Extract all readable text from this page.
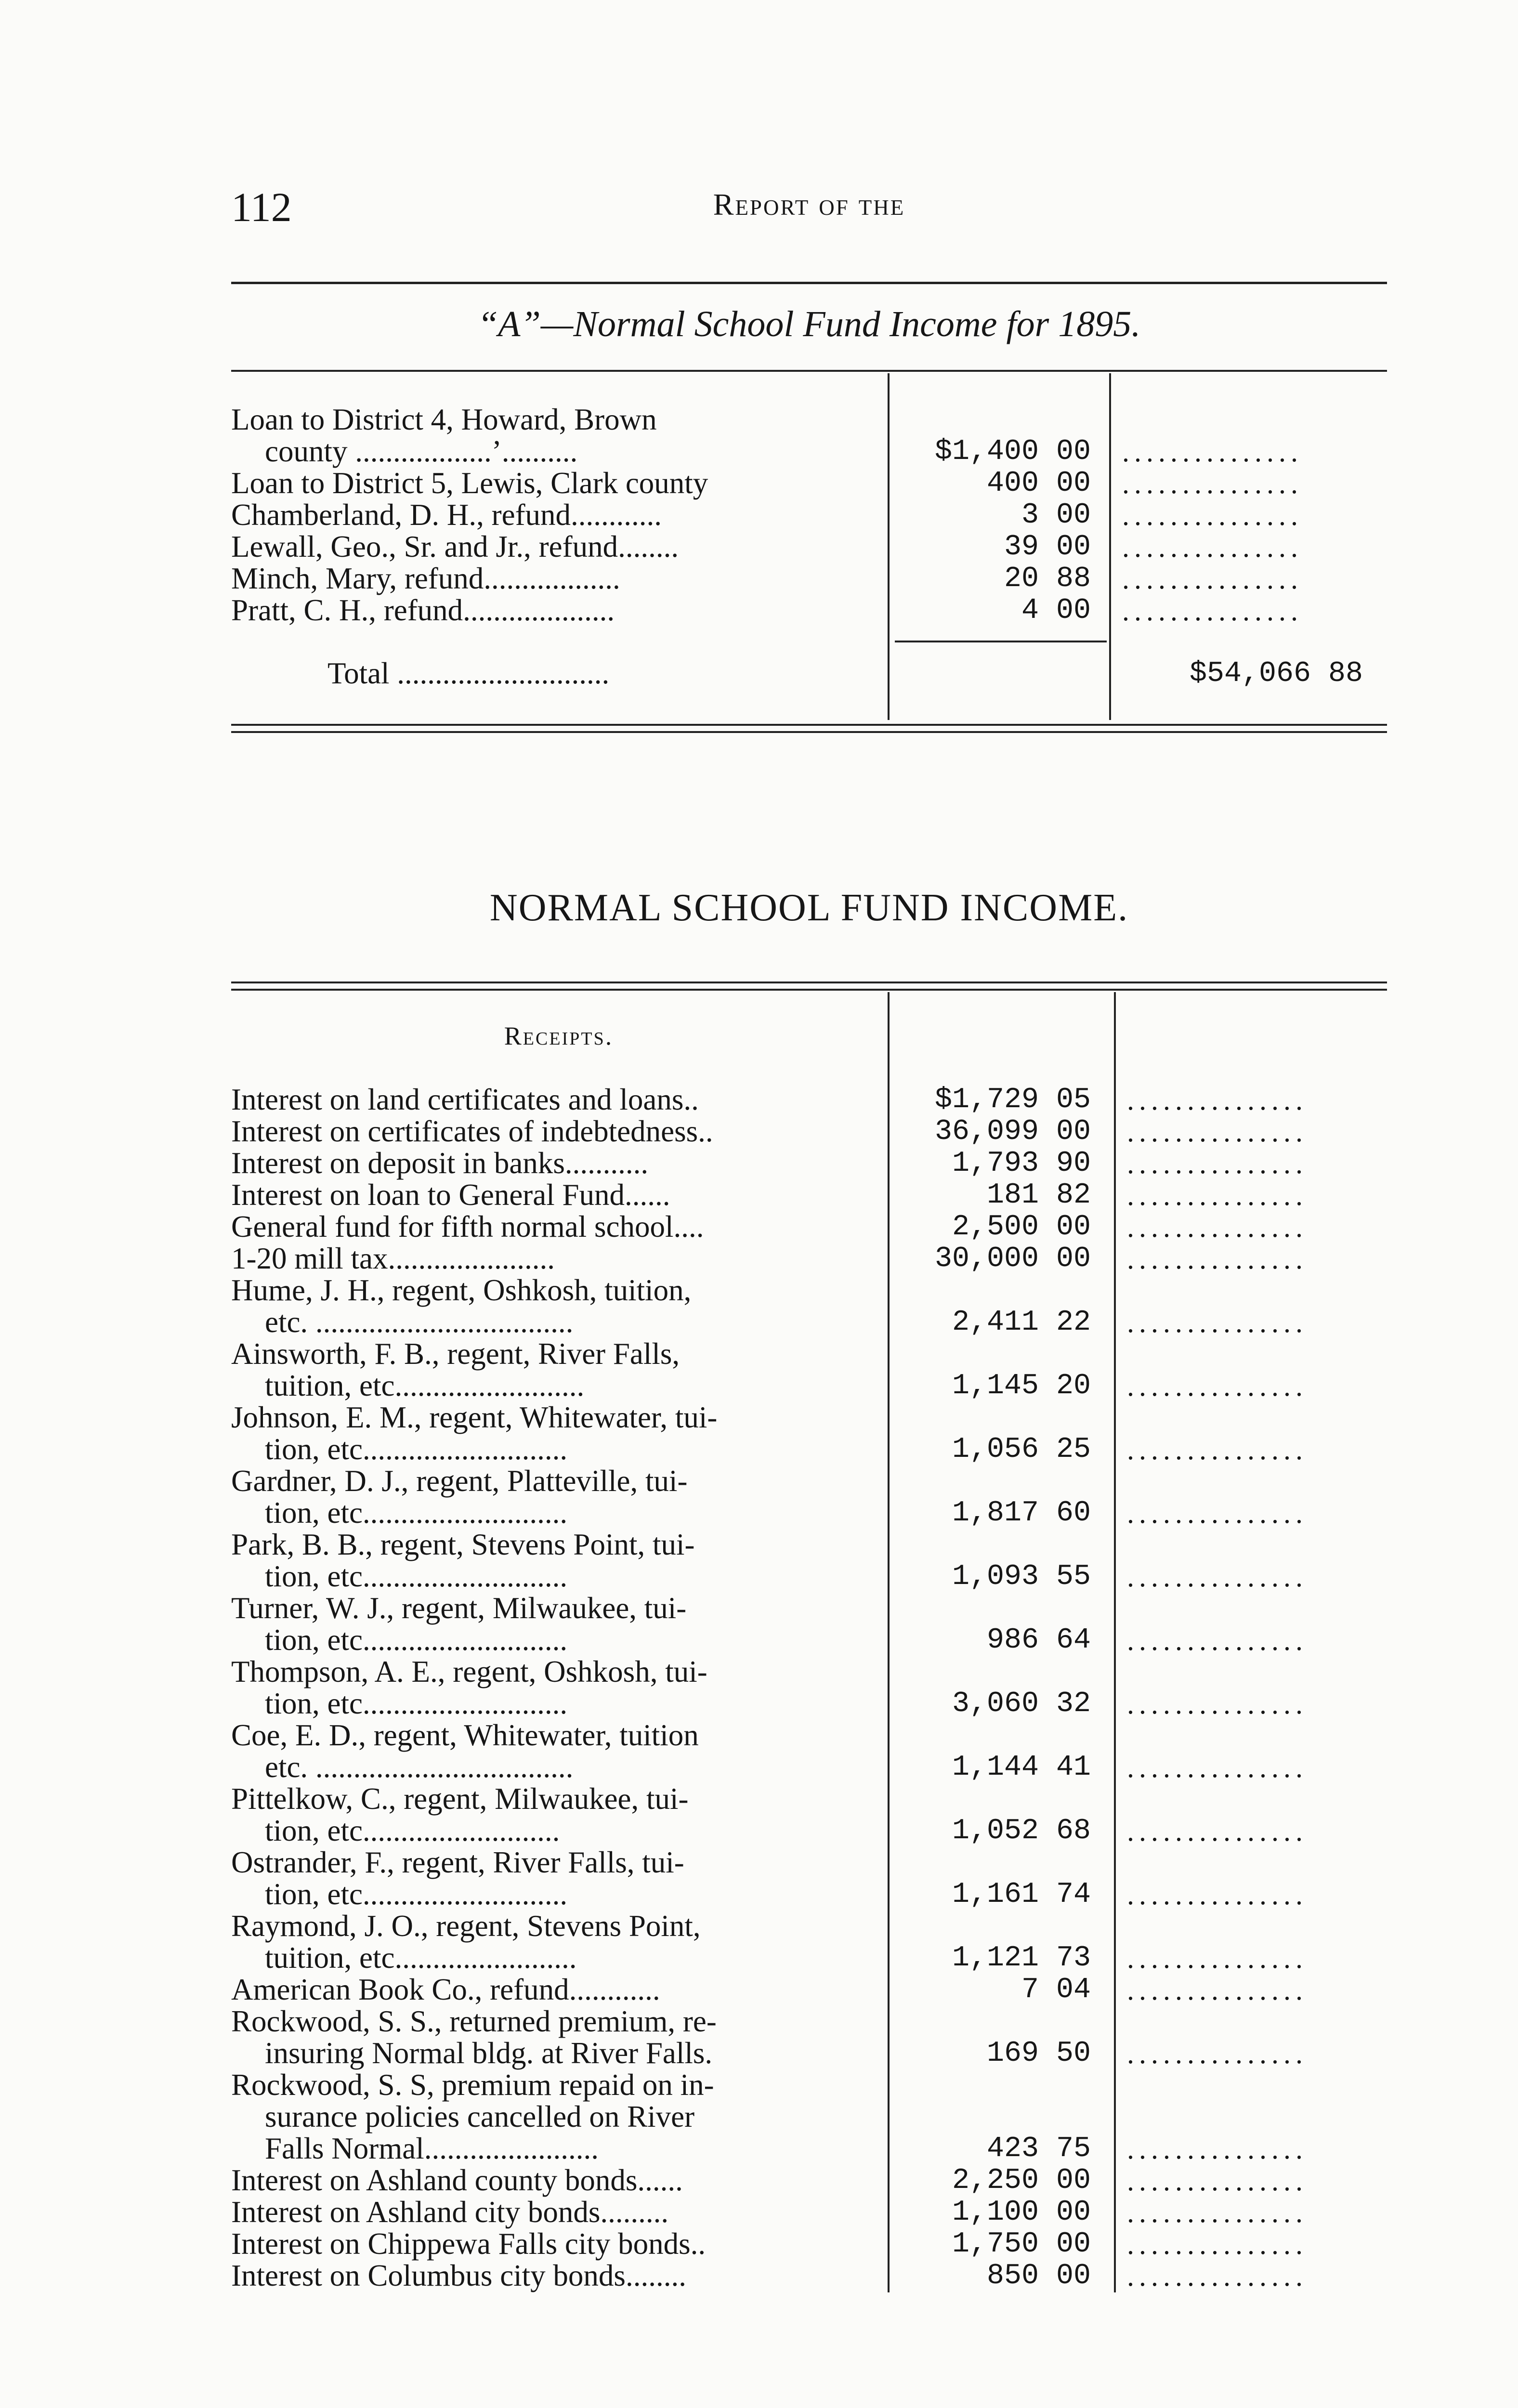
112	Report of the
“A”—Normal School Fund Income for 1895.
Loan to District 4, Howard, Brown
county ..................’..........	$1,400 00 ...............
Loan to District 5, Lewis, Clark county	400 00 ...............
Chamberland, D. H., refund............	3 00 ...............
Lewall, Geo., Sr. and Jr., refund........	39 00 ...............
Minch, Mary, refund..................	20 88 ...............
Pratt, C. H., refund....................	4 00 ...............
Total ............................	$54,066 88
NORMAL SCHOOL FUND INCOME.
Receipts.
Interest on land certificates and loans..	$1,729 05 ...............
Interest on certificates of indebtedness..	36,099 00 ...............
Interest on deposit in banks...........	1,793 90 ...............
Interest on loan to General Fund......	181 82 ...............
General fund for fifth normal school....	2,500 00 ...............
1-20 mill tax......................	30,000 00 ...............
Hume, J. H., regent, Oshkosh, tuition,
etc. ..................................	2,411 22 ...............
Ainsworth, F. B., regent, River Falls,
tuition, etc.........................	1,145 20 ...............
Johnson, E. M., regent, Whitewater, tui-
tion, etc...........................	1,056 25 ...............
Gardner, D. J., regent, Platteville, tui-
tion, etc...........................	1,817 60 ...............
Park, B. B., regent, Stevens Point, tui-
tion, etc...........................	1,093 55 ...............
Turner, W. J., regent, Milwaukee, tui-
tion, etc...........................	986 64 ...............
Thompson, A. E., regent, Oshkosh, tui-
tion, etc...........................	3,060 32 ...............
Coe, E. D., regent, Whitewater, tuition
etc. ..................................	1,144 41 ...............
Pittelkow, C., regent, Milwaukee, tui-
tion, etc..........................	1,052 68 ...............
Ostrander, F., regent, River Falls, tui-
tion, etc...........................	1,161 74 ...............
Raymond, J. O., regent, Stevens Point,
tuition, etc........................	1,121 73 ...............
American Book Co., refund............	7 04 ...............
Rockwood, S. S., returned premium, re-
insuring Normal bldg. at River Falls.	169 50 ...............
Rockwood, S. S, premium repaid on in-
surance policies cancelled on River
Falls Normal.......................	423 75 ...............
Interest on Ashland county bonds......	2,250 00 ...............
Interest on Ashland city bonds.........	1,100 00 ...............
Interest on Chippewa Falls city bonds..	1,750 00 ...............
Interest on Columbus city bonds........	850 00 ...............
